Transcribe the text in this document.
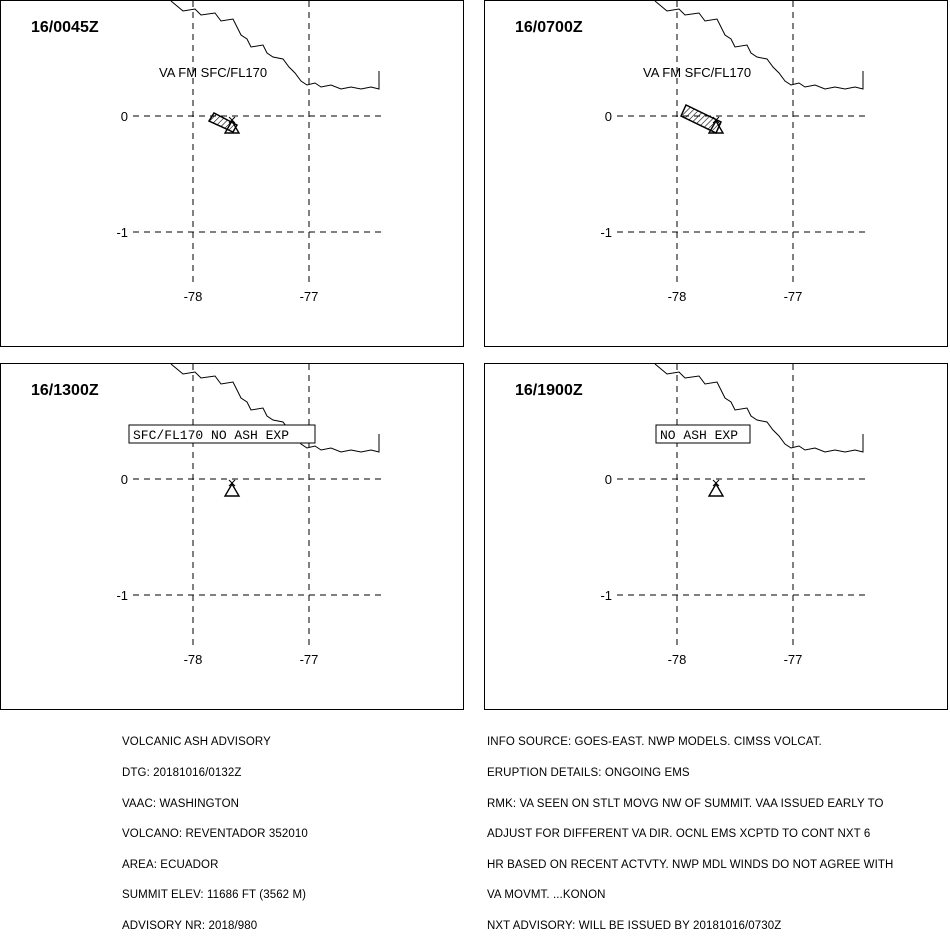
0
-1
-78	-77
VA FM SFC/FL170
16/0045Z
0
-1
-78	-77
VA FM SFC/FL170
16/0700Z
0
-1
-78	-77
SFC/FL170 NO ASH EXP
16/1300Z
0
-1
-78	-77
NO ASH EXP
16/1900Z

VOLCANIC ASH ADVISORY

DTG: 20181016/0132Z

VAAC: WASHINGTON

VOLCANO: REVENTADOR 352010

AREA: ECUADOR

SUMMIT ELEV: 11686 FT (3562 M)

ADVISORY NR: 2018/980

INFO SOURCE: GOES-EAST. NWP MODELS. CIMSS VOLCAT.

ERUPTION DETAILS: ONGOING EMS

RMK: VA SEEN ON STLT MOVG NW OF SUMMIT. VAA ISSUED EARLY TO

ADJUST FOR DIFFERENT VA DIR. OCNL EMS XCPTD TO CONT NXT 6

HR BASED ON RECENT ACTVTY. NWP MDL WINDS DO NOT AGREE WITH

VA MOVMT. ...KONON

NXT ADVISORY: WILL BE ISSUED BY 20181016/0730Z
